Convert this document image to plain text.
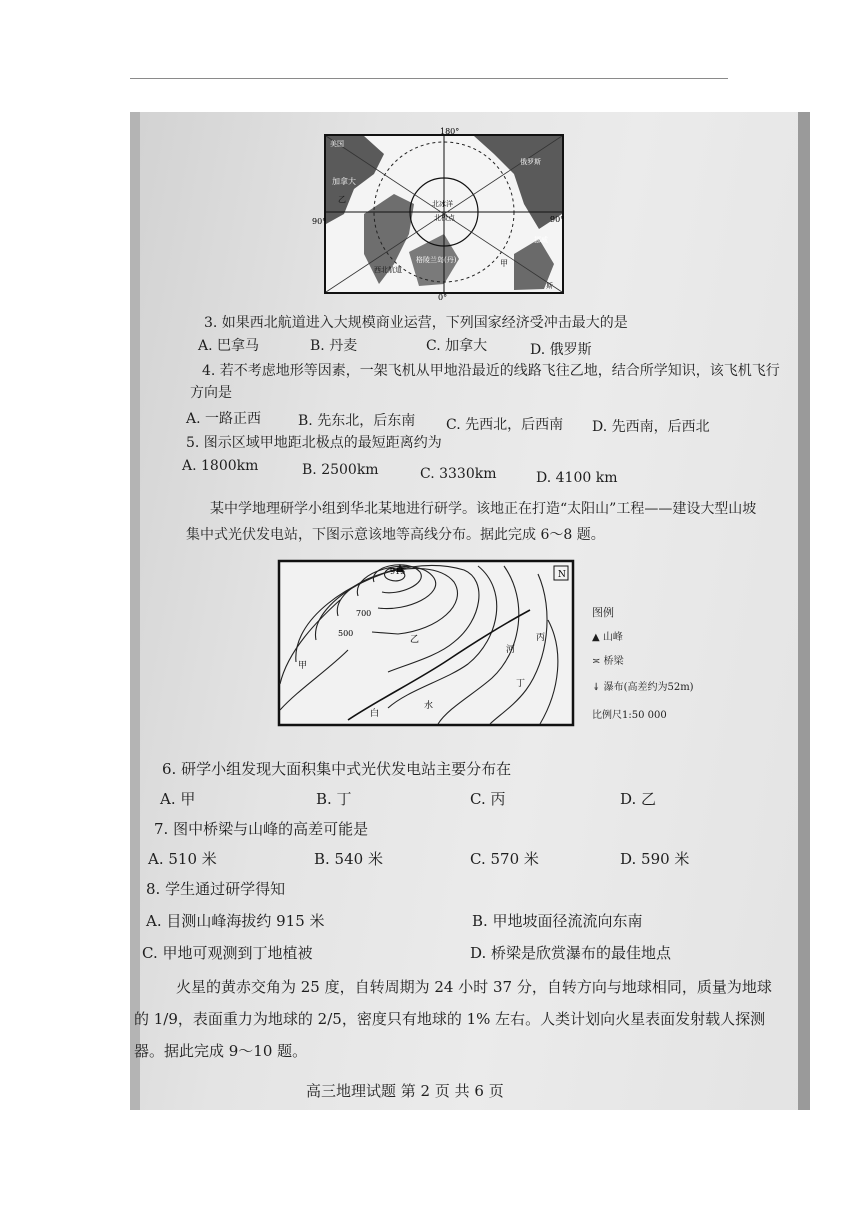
180°
0°
90°	90°
加拿大
乙	北冰洋
北极点
西北航道
格陵兰岛(丹)	甲
美国
俄罗斯
挪威
斯
3. 如果西北航道进入大规模商业运营，下列国家经济受冲击最大的是
A. 巴拿马	B. 丹麦	C. 加拿大	D. 俄罗斯
4. 若不考虑地形等因素，一架飞机从甲地沿最近的线路飞往乙地，结合所学知识，该飞机飞行
方向是
A. 一路正西	B. 先东北，后东南 C. 先西北，后西南 D. 先西南，后西北
5. 图示区域甲地距北极点的最短距离约为
A. 1800km	B. 2500km	C. 3330km	D. 4100 km
某中学地理研学小组到华北某地进行研学。该地正在打造“太阳山”工程——建设大型山坡
集中式光伏发电站，下图示意该地等高线分布。据此完成 6～8 题。
915
700
500
甲
乙	丙
丁
白
水
河
N
图例
▲ 山峰
≍ 桥梁
↡ 瀑布(高差约为52m)
比例尺1:50 000
6. 研学小组发现大面积集中式光伏发电站主要分布在
A. 甲	B. 丁	C. 丙	D. 乙
7. 图中桥梁与山峰的高差可能是
A. 510 米	B. 540 米	C. 570 米	D. 590 米
8. 学生通过研学得知
A. 目测山峰海拔约 915 米	B. 甲地坡面径流流向东南
C. 甲地可观测到丁地植被	D. 桥梁是欣赏瀑布的最佳地点
火星的黄赤交角为 25 度，自转周期为 24 小时 37 分，自转方向与地球相同，质量为地球
的 1/9，表面重力为地球的 2/5，密度只有地球的 1% 左右。人类计划向火星表面发射载人探测
器。据此完成 9～10 题。
高三地理试题 第 2 页 共 6 页
